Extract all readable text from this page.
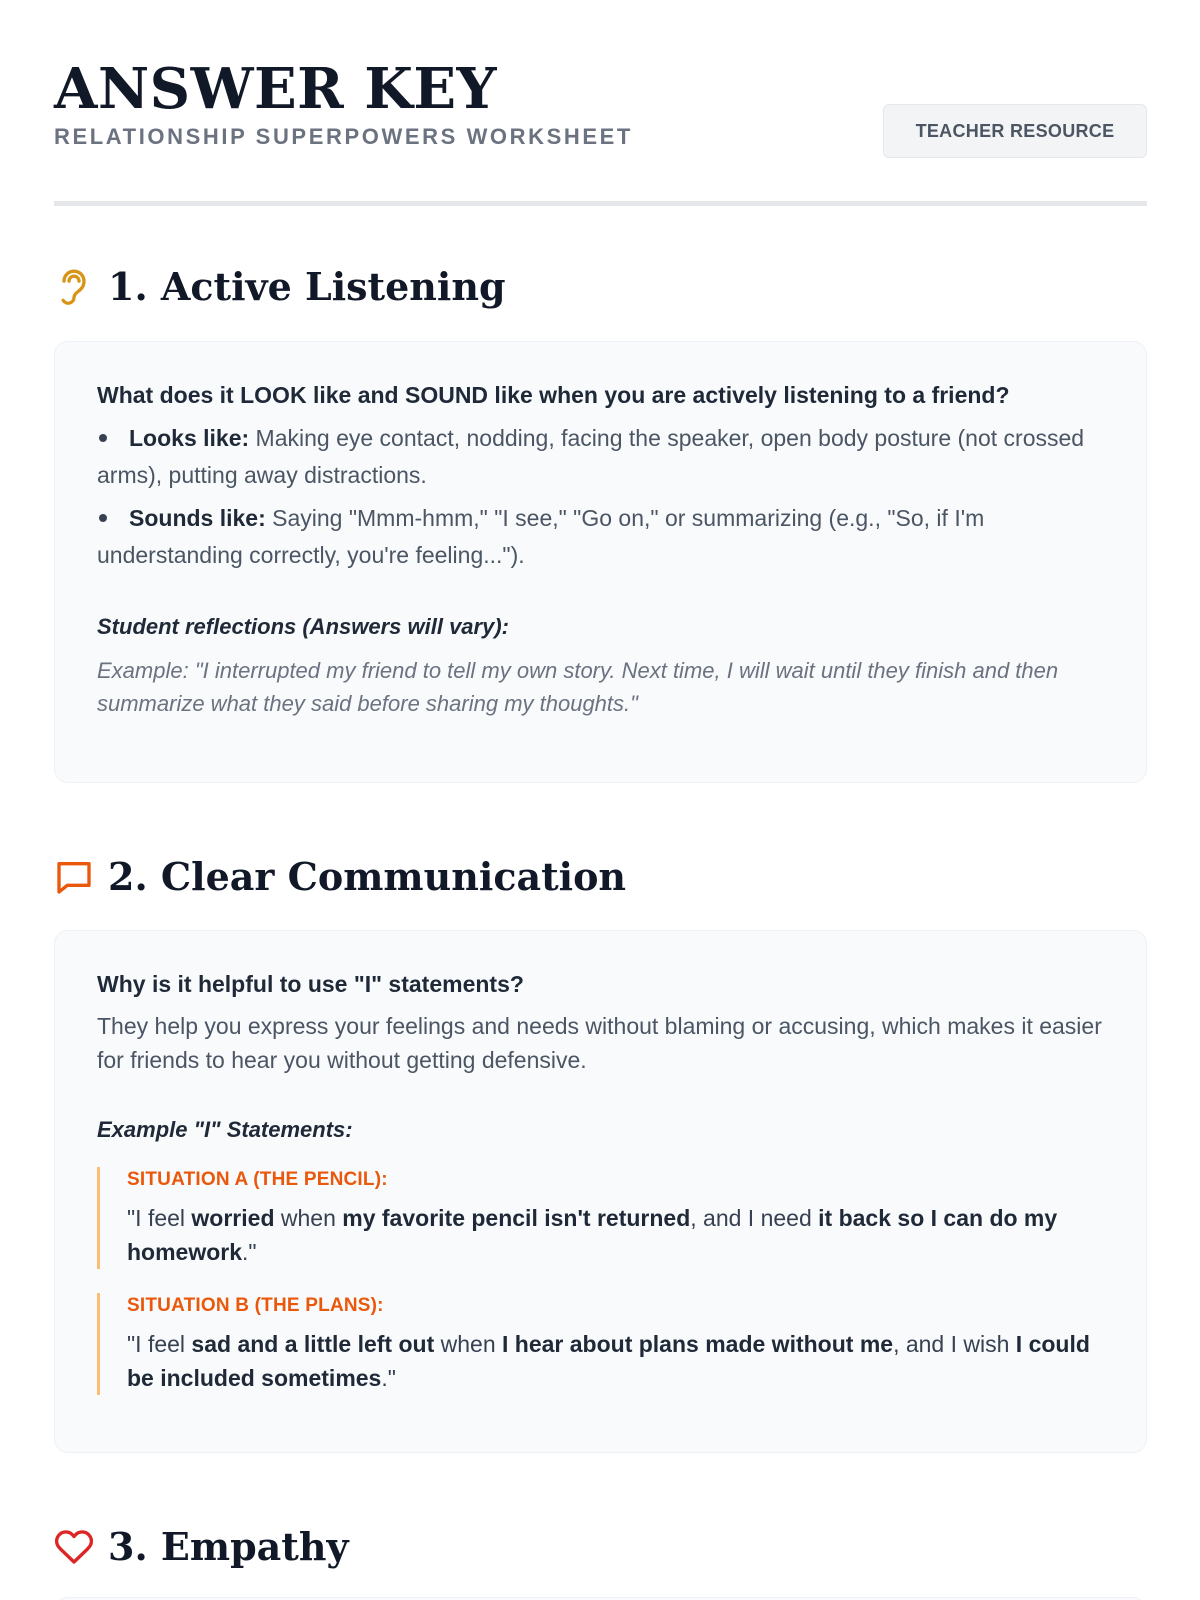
ANSWER KEY
RELATIONSHIP SUPERPOWERS WORKSHEET	TEACHER RESOURCE
1. Active Listening

What does it LOOK like and SOUND like when you are actively listening to a friend?

Looks like: Making eye contact, nodding, facing the speaker, open body posture (not crossed arms), putting away distractions.

Sounds like: Saying "Mmm-hmm," "I see," "Go on," or summarizing (e.g., "So, if I'm understanding correctly, you're feeling...").

Student reflections (Answers will vary):

Example: "I interrupted my friend to tell my own story. Next time, I will wait until they finish and then summarize what they said before sharing my thoughts."

2. Clear Communication

Why is it helpful to use "I" statements?

They help you express your feelings and needs without blaming or accusing, which makes it easier for friends to hear you without getting defensive.

Example "I" Statements:

SITUATION A (THE PENCIL):

"I feel worried when my favorite pencil isn't returned, and I need it back so I can do my homework."

SITUATION B (THE PLANS):

"I feel sad and a little left out when I hear about plans made without me, and I wish I could be included sometimes."

3. Empathy
